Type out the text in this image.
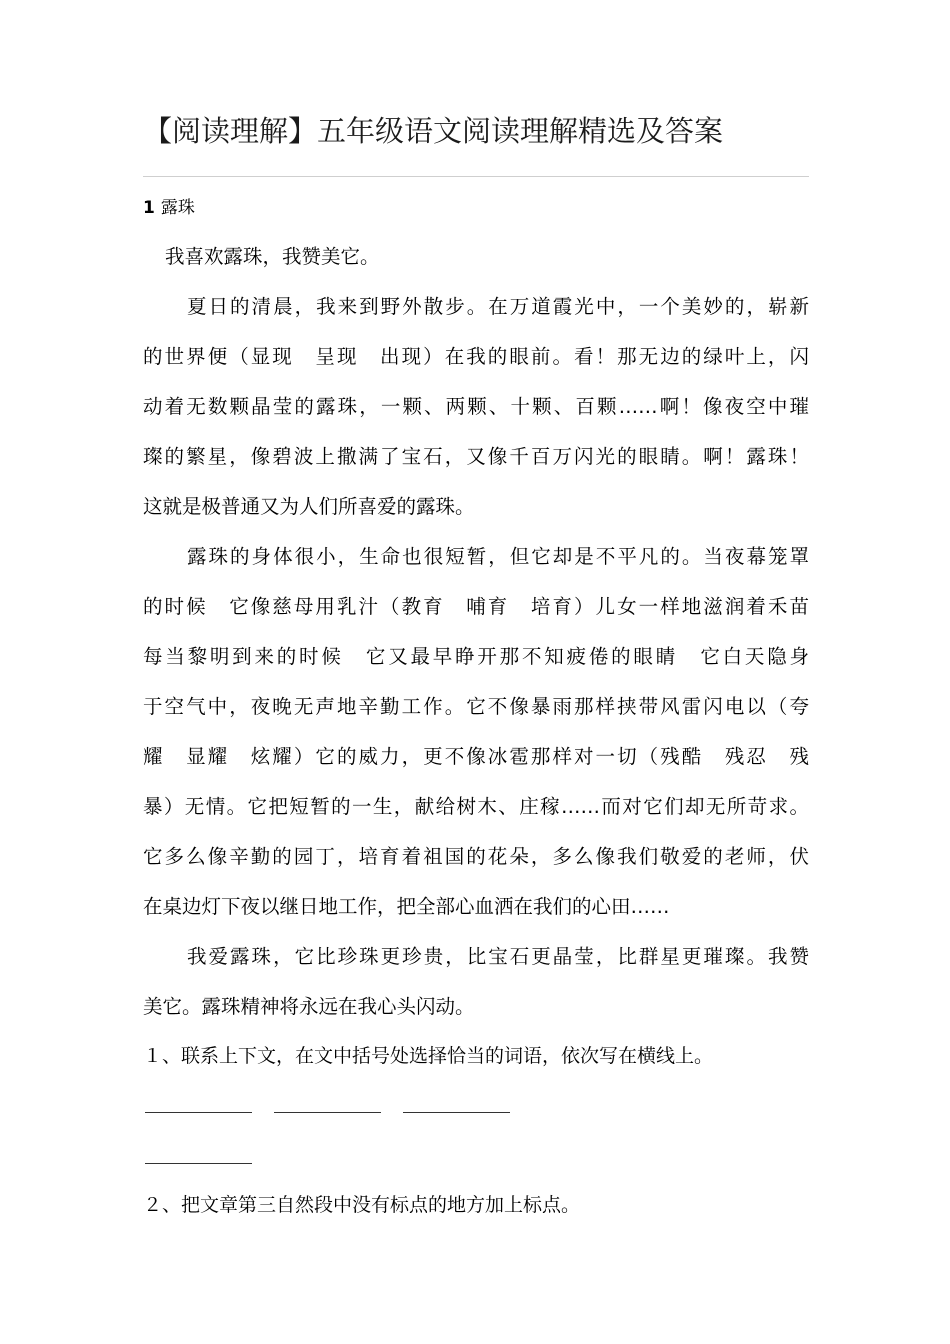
【阅读理解】五年级语文阅读理解精选及答案
1 露珠
我喜欢露珠，我赞美它。
夏日的清晨，我来到野外散步。在万道霞光中，一个美妙的，崭新
的世界便（显现　呈现　出现）在我的眼前。看！那无边的绿叶上，闪
动着无数颗晶莹的露珠，一颗、两颗、十颗、百颗……啊！像夜空中璀
璨的繁星，像碧波上撒满了宝石，又像千百万闪光的眼睛。啊！露珠！
这就是极普通又为人们所喜爱的露珠。
露珠的身体很小，生命也很短暂，但它却是不平凡的。当夜幕笼罩
的时候　它像慈母用乳汁（教育　哺育　培育）儿女一样地滋润着禾苗
每当黎明到来的时候　它又最早睁开那不知疲倦的眼睛　它白天隐身
于空气中，夜晚无声地辛勤工作。它不像暴雨那样挟带风雷闪电以（夸
耀　显耀　炫耀）它的威力，更不像冰雹那样对一切（残酷　残忍　残
暴）无情。它把短暂的一生，献给树木、庄稼……而对它们却无所苛求。
它多么像辛勤的园丁，培育着祖国的花朵，多么像我们敬爱的老师，伏
在桌边灯下夜以继日地工作，把全部心血洒在我们的心田……
我爱露珠，它比珍珠更珍贵，比宝石更晶莹，比群星更璀璨。我赞
美它。露珠精神将永远在我心头闪动。
１、联系上下文，在文中括号处选择恰当的词语，依次写在横线上。
２、把文章第三自然段中没有标点的地方加上标点。
